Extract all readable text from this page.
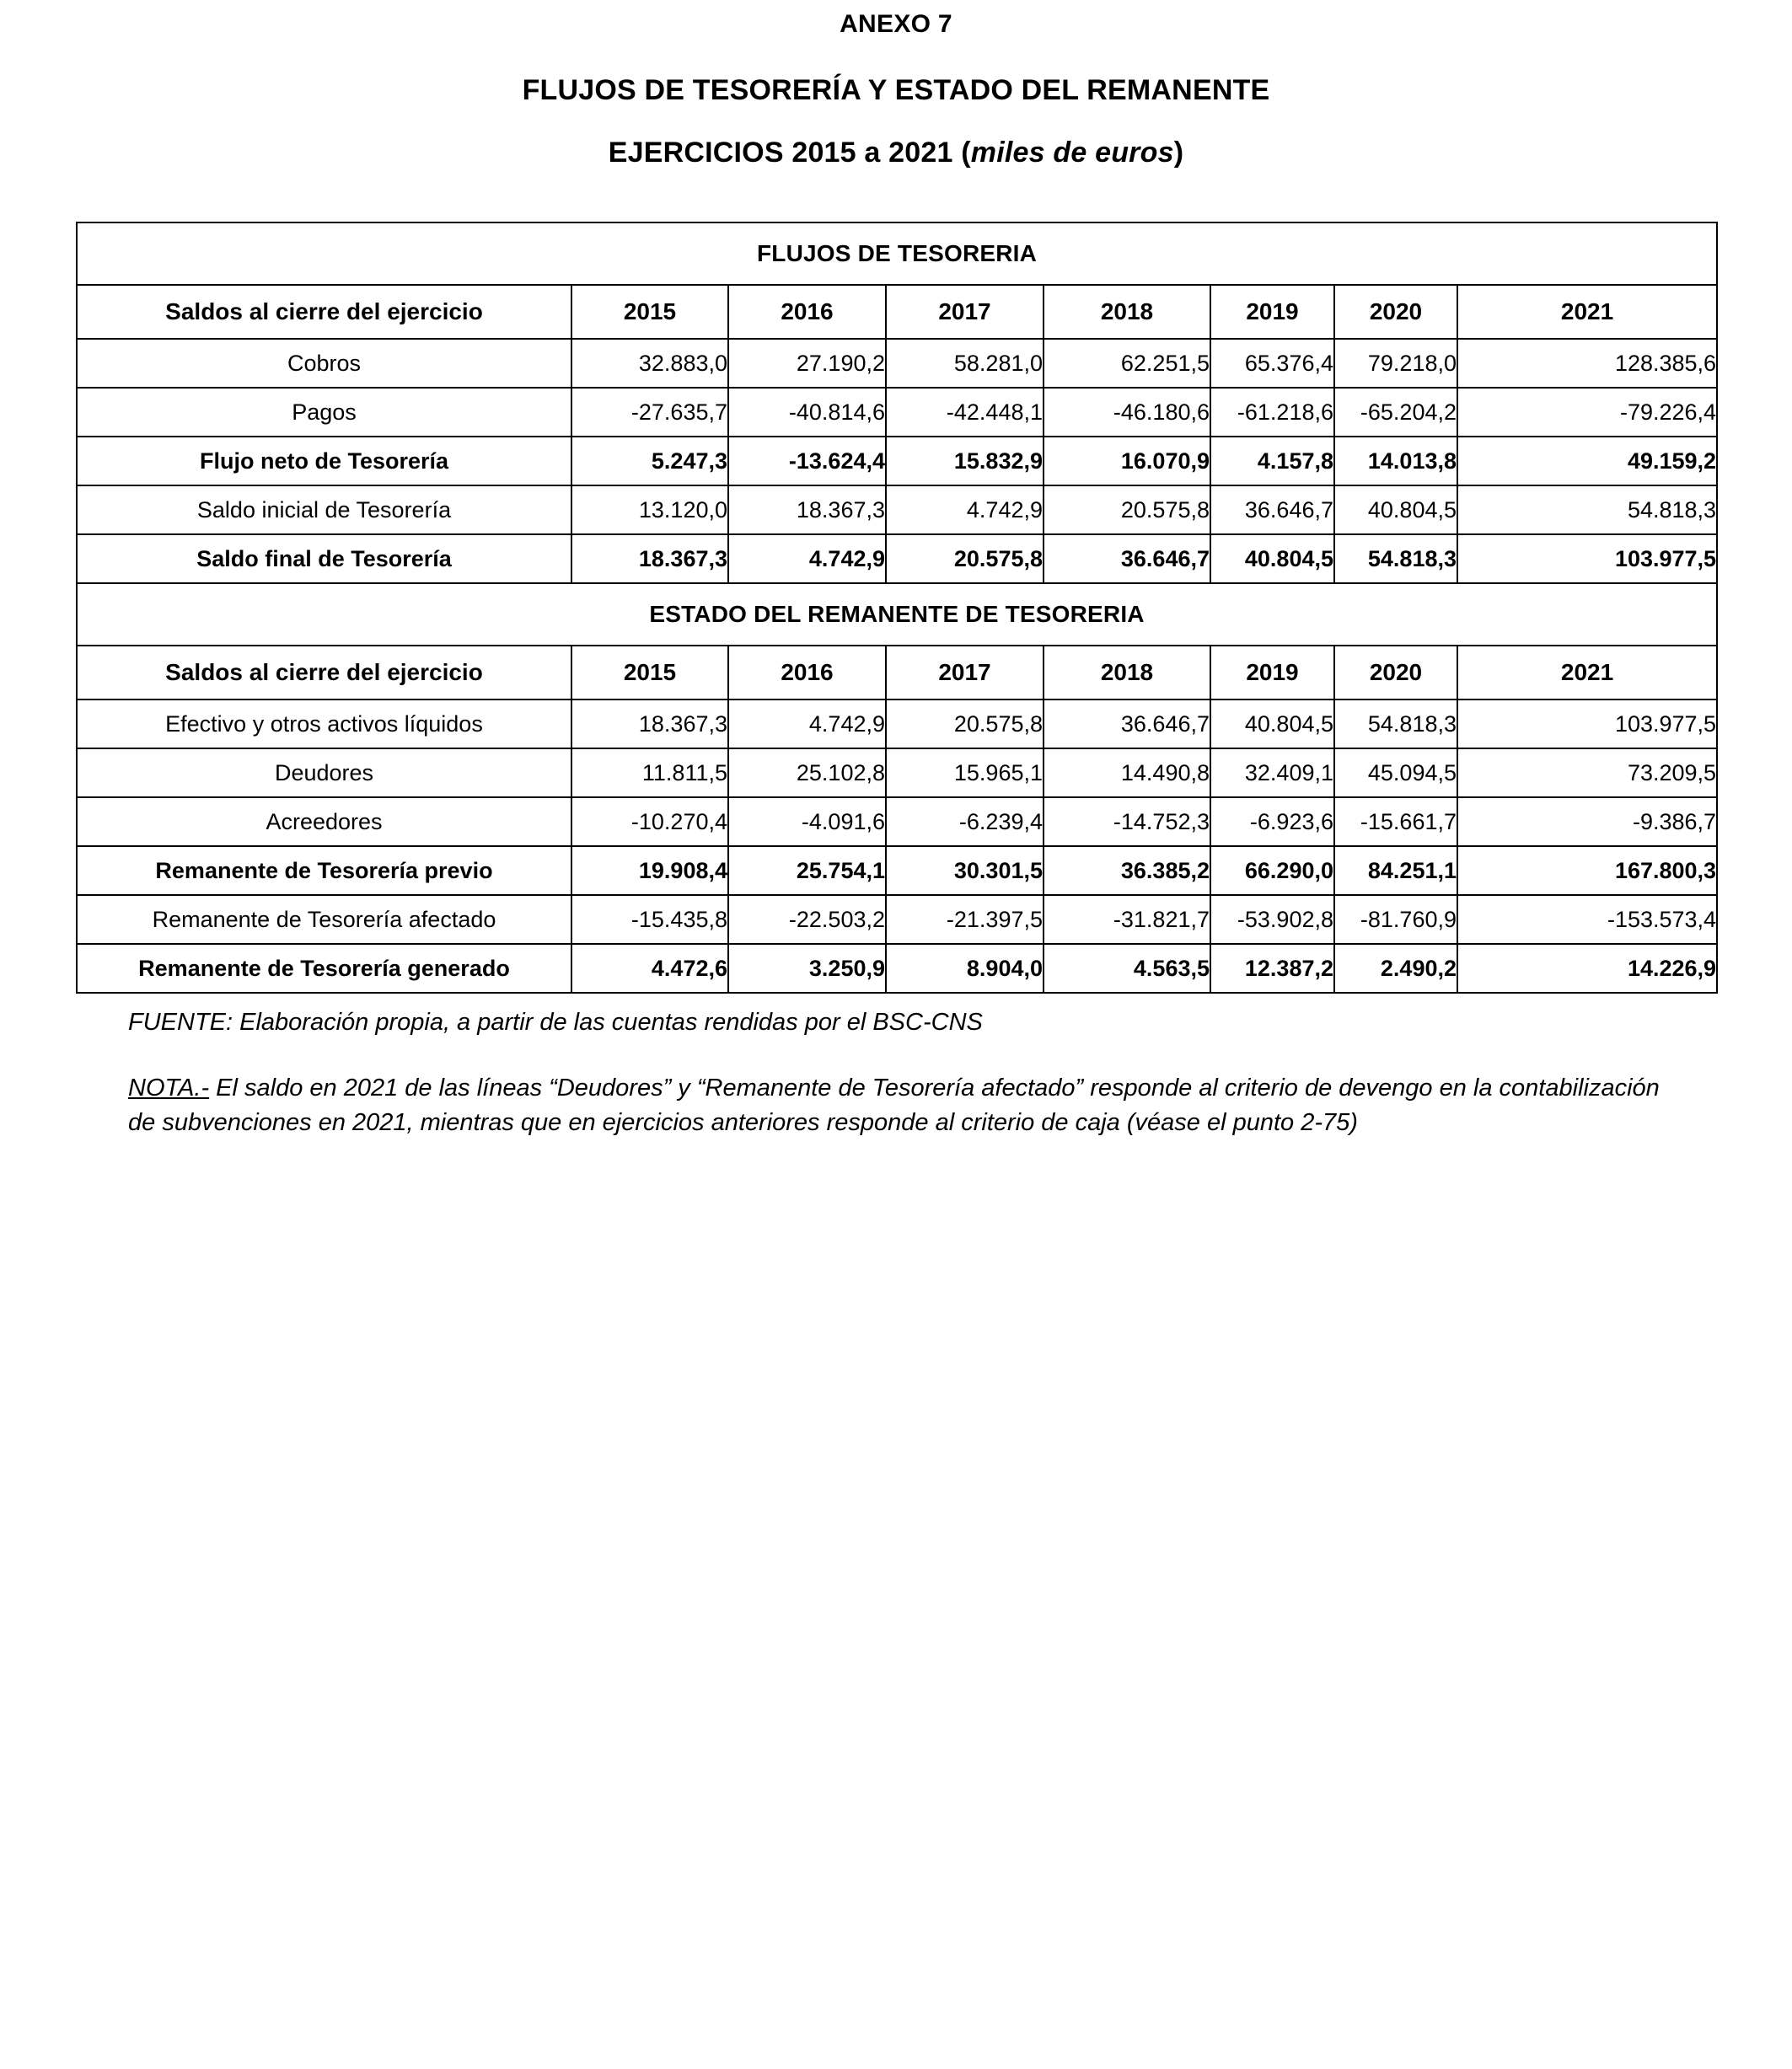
ANEXO 7
FLUJOS DE TESORERÍA Y ESTADO DEL REMANENTE
EJERCICIOS 2015 a 2021 (miles de euros)
FLUJOS DE TESORERIA							
Saldos al cierre del ejercicio	2015	2016	2017	2018	2019	2020	2021
Cobros	32.883,0	27.190,2	58.281,0	62.251,5	65.376,4	79.218,0	128.385,6
Pagos	-27.635,7	-40.814,6	-42.448,1	-46.180,6	-61.218,6	-65.204,2	-79.226,4
Flujo neto de Tesorería	5.247,3	-13.624,4	15.832,9	16.070,9	4.157,8	14.013,8	49.159,2
Saldo inicial de Tesorería	13.120,0	18.367,3	4.742,9	20.575,8	36.646,7	40.804,5	54.818,3
Saldo final de Tesorería	18.367,3	4.742,9	20.575,8	36.646,7	40.804,5	54.818,3	103.977,5
ESTADO DEL REMANENTE DE TESORERIA							
Saldos al cierre del ejercicio	2015	2016	2017	2018	2019	2020	2021
Efectivo y otros activos líquidos	18.367,3	4.742,9	20.575,8	36.646,7	40.804,5	54.818,3	103.977,5
Deudores	11.811,5	25.102,8	15.965,1	14.490,8	32.409,1	45.094,5	73.209,5
Acreedores	-10.270,4	-4.091,6	-6.239,4	-14.752,3	-6.923,6	-15.661,7	-9.386,7
Remanente de Tesorería previo	19.908,4	25.754,1	30.301,5	36.385,2	66.290,0	84.251,1	167.800,3
Remanente de Tesorería afectado	-15.435,8	-22.503,2	-21.397,5	-31.821,7	-53.902,8	-81.760,9	-153.573,4
Remanente de Tesorería generado	4.472,6	3.250,9	8.904,0	4.563,5	12.387,2	2.490,2	14.226,9

FUENTE: Elaboración propia, a partir de las cuentas rendidas por el BSC-CNS

NOTA.- El saldo en 2021 de las líneas “Deudores” y “Remanente de Tesorería afectado” responde al criterio de devengo en la contabilización de subvenciones en 2021, mientras que en ejercicios anteriores responde al criterio de caja (véase el punto 2-75)
